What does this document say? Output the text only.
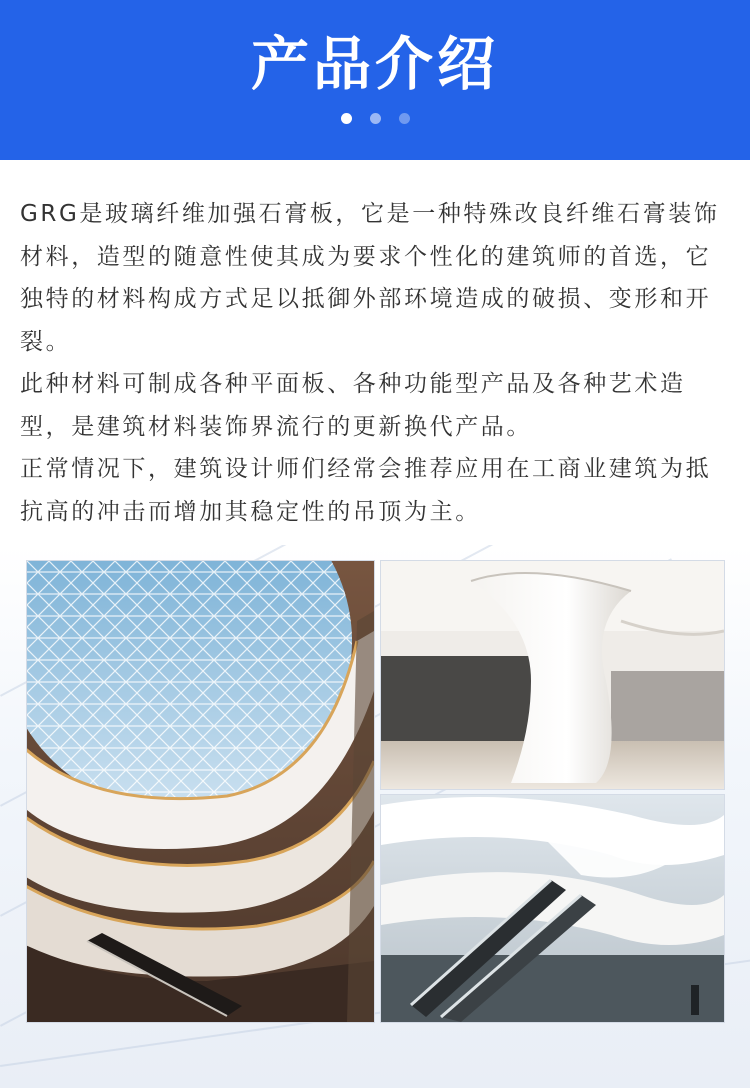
产品介绍

GRG是玻璃纤维加强石膏板，它是一种特殊改良纤维石膏装饰材料，造型的随意性使其成为要求个性化的建筑师的首选，它独特的材料构成方式足以抵御外部环境造成的破损、变形和开裂。

此种材料可制成各种平面板、各种功能型产品及各种艺术造型，是建筑材料装饰界流行的更新换代产品。

正常情况下，建筑设计师们经常会推荐应用在工商业建筑为抵抗高的冲击而增加其稳定性的吊顶为主。
